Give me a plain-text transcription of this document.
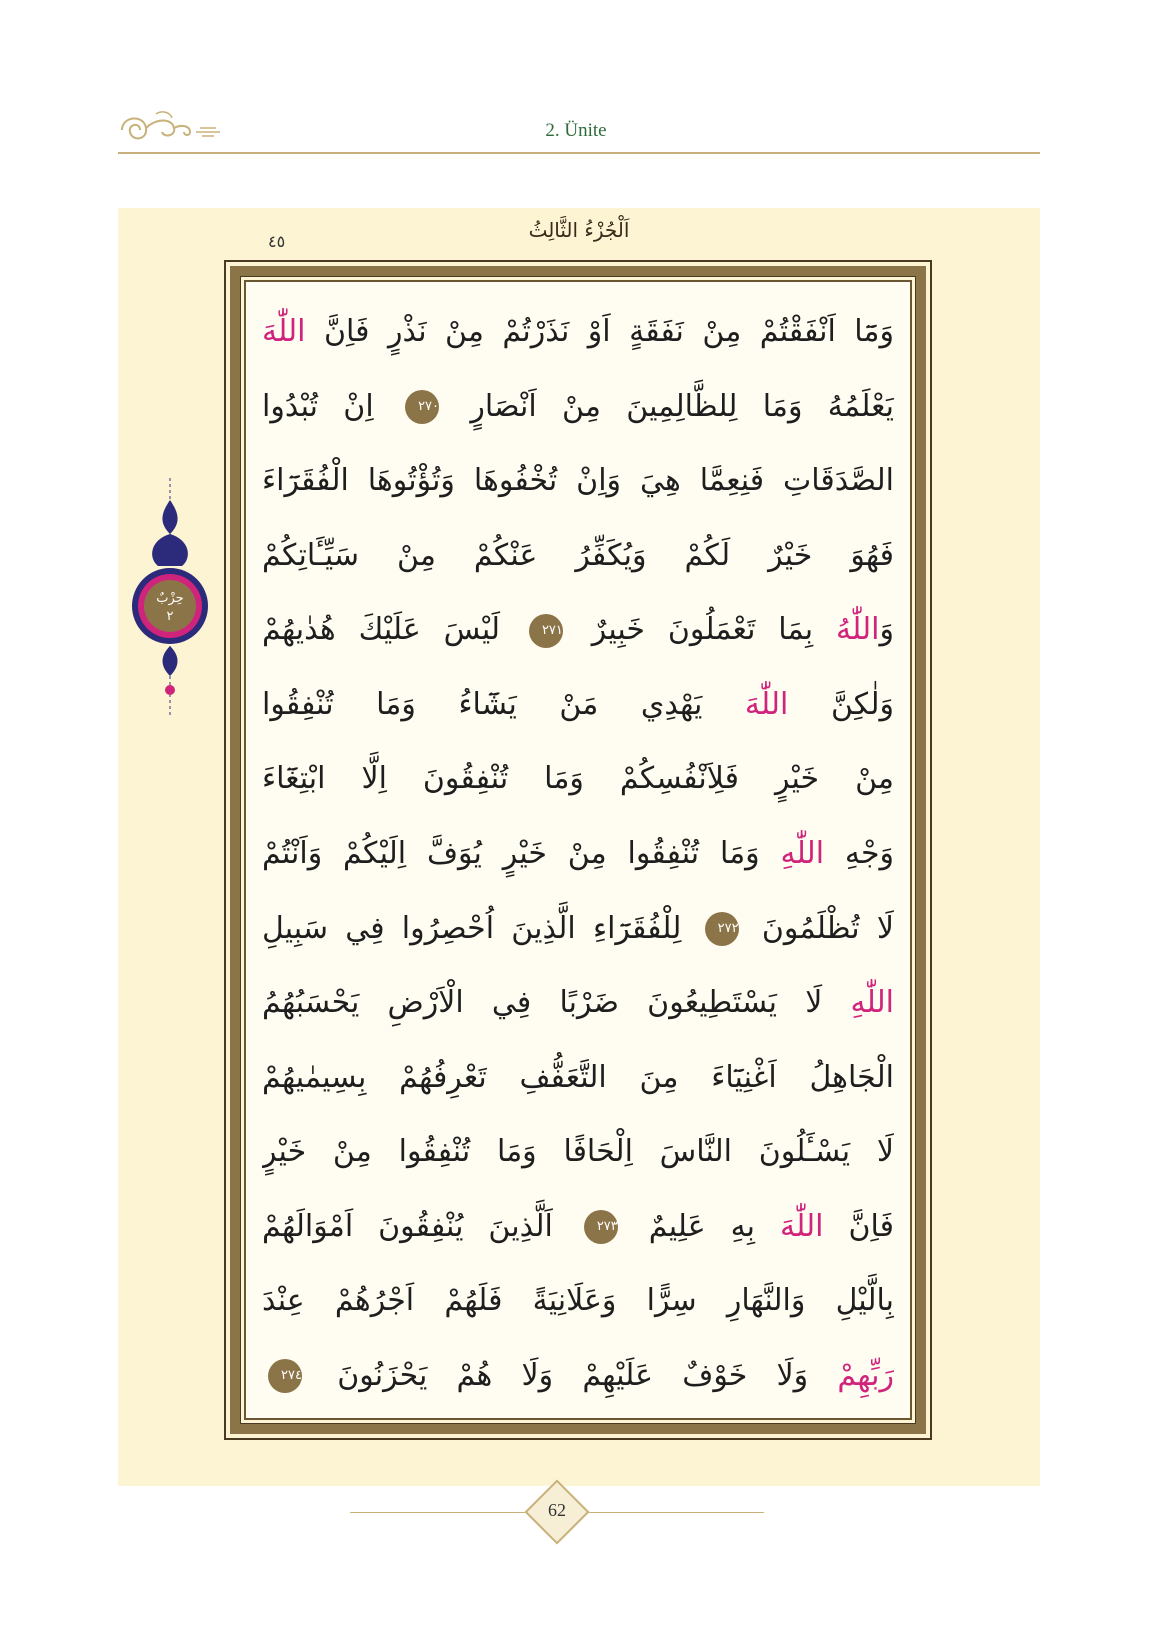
2. Ünite
اَلْجُزْءُ الثَّالِثُ
٤٥
حِزْبٌ
٢
وَمَٓا اَنْفَقْتُمْ مِنْ نَفَقَةٍ اَوْ نَذَرْتُمْ مِنْ نَذْرٍ فَاِنَّ اللّٰهَ
يَعْلَمُهُ وَمَا لِلظَّالِمِينَ مِنْ اَنْصَارٍ ٢٧٠ اِنْ تُبْدُوا
الصَّدَقَاتِ فَنِعِمَّا هِيَ وَاِنْ تُخْفُوهَا وَتُؤْتُوهَا الْفُقَرَٓاءَ
فَهُوَ خَيْرٌ لَكُمْ وَيُكَفِّرُ عَنْكُمْ مِنْ سَيِّـَٔاتِكُمْ
وَاللّٰهُ بِمَا تَعْمَلُونَ خَبِيرٌ ٢٧١ لَيْسَ عَلَيْكَ هُدٰيهُمْ
وَلٰكِنَّ اللّٰهَ يَهْدِي مَنْ يَشَٓاءُ وَمَا تُنْفِقُوا
مِنْ خَيْرٍ فَلِاَنْفُسِكُمْ وَمَا تُنْفِقُونَ اِلَّا ابْتِغَٓاءَ
وَجْهِ اللّٰهِ وَمَا تُنْفِقُوا مِنْ خَيْرٍ يُوَفَّ اِلَيْكُمْ وَاَنْتُمْ
لَا تُظْلَمُونَ ٢٧٢ لِلْفُقَرَٓاءِ الَّذِينَ اُحْصِرُوا فِي سَبِيلِ
اللّٰهِ لَا يَسْتَطِيعُونَ ضَرْبًا فِي الْاَرْضِ يَحْسَبُهُمُ
الْجَاهِلُ اَغْنِيَٓاءَ مِنَ التَّعَفُّفِ تَعْرِفُهُمْ بِسِيمٰيهُمْ
لَا يَسْـَٔلُونَ النَّاسَ اِلْحَافًا وَمَا تُنْفِقُوا مِنْ خَيْرٍ
فَاِنَّ اللّٰهَ بِهِ عَلِيمٌ ٢٧٣ اَلَّذِينَ يُنْفِقُونَ اَمْوَالَهُمْ
بِالَّيْلِ وَالنَّهَارِ سِرًّا وَعَلَانِيَةً فَلَهُمْ اَجْرُهُمْ عِنْدَ
رَبِّهِمْ وَلَا خَوْفٌ عَلَيْهِمْ وَلَا هُمْ يَحْزَنُونَ ٢٧٤
62
